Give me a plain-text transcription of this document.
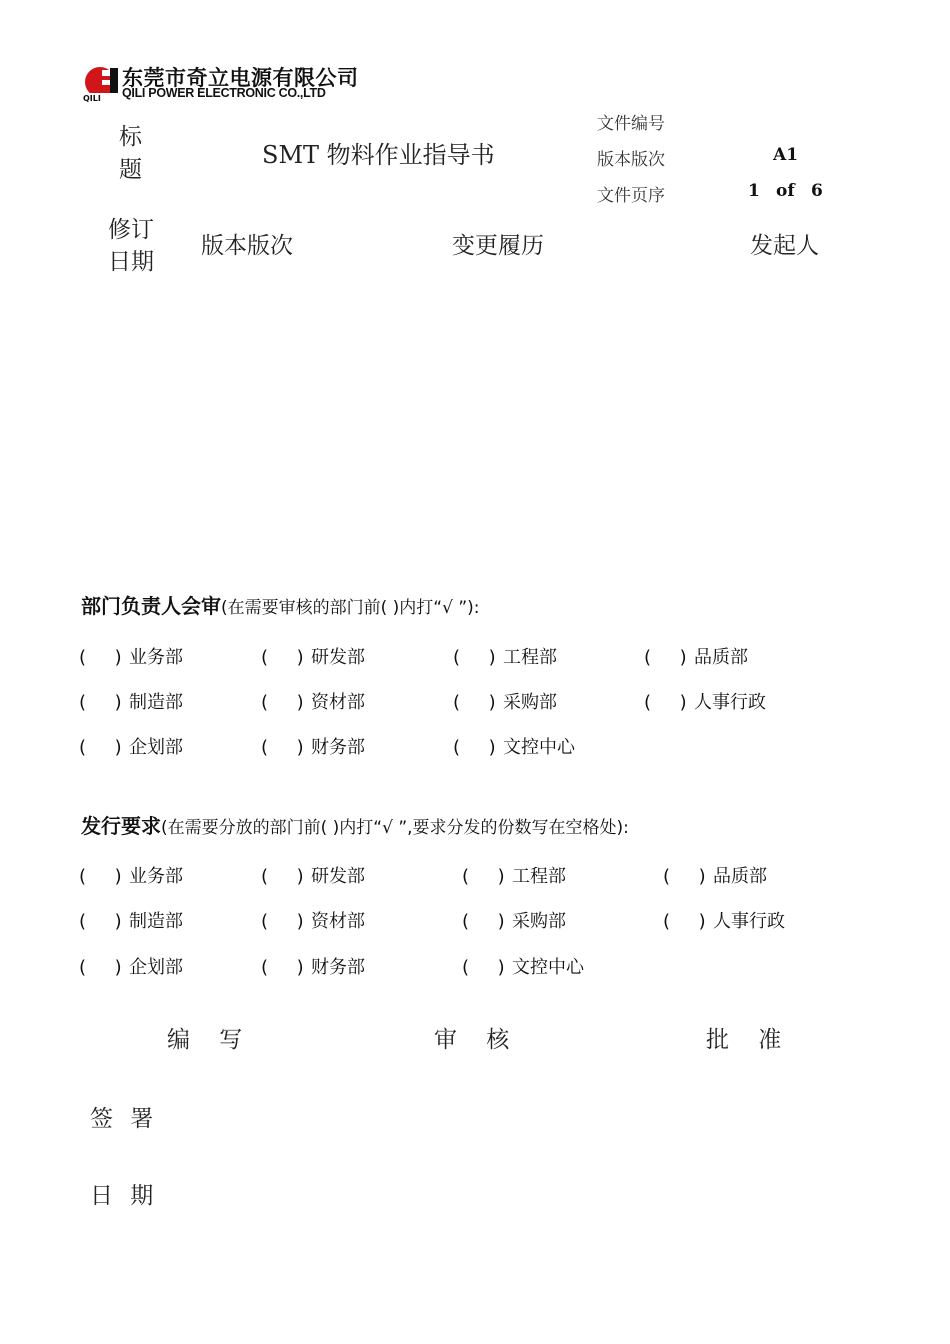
QILI
东莞市奇立电源有限公司
QILI POWER ELECTRONIC CO.,LTD
标
题
SMT 物料作业指导书
文件编号
版本版次	A1
文件页序	1 of 6
修订
日期
版本版次	变更履历	发起人
部门负责人会审(在需要审核的部门前( )内打“√ ”):
(     ) 业务部	(     ) 研发部	(     ) 工程部	(     ) 品质部
(     ) 制造部	(     ) 资材部	(     ) 采购部	(     ) 人事行政
(     ) 企划部	(     ) 财务部	(     ) 文控中心
发行要求(在需要分放的部门前( )内打“√ ”,要求分发的份数写在空格处):
(     ) 业务部	(     ) 研发部	(     ) 工程部	(     ) 品质部
(     ) 制造部	(     ) 资材部	(     ) 采购部	(     ) 人事行政
(     ) 企划部	(     ) 财务部	(     ) 文控中心
编 写	审 核	批 准
签 署
日 期
